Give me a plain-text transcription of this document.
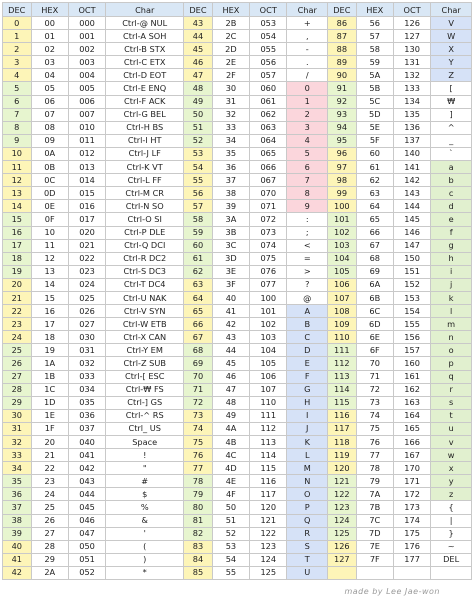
DEC	HEX	OCT	Char	DEC	HEX	OCT	Char	DEC	HEX	OCT	Char
0	00	000	Ctrl-@ NUL	43	2B	053	+	86	56	126	V
1	01	001	Ctrl-A SOH	44	2C	054	,	87	57	127	W
2	02	002	Ctrl-B STX	45	2D	055	-	88	58	130	X
3	03	003	Ctrl-C ETX	46	2E	056	.	89	59	131	Y
4	04	004	Ctrl-D EOT	47	2F	057	/	90	5A	132	Z
5	05	005	Ctrl-E ENQ	48	30	060	0	91	5B	133	[
6	06	006	Ctrl-F ACK	49	31	061	1	92	5C	134	₩
7	07	007	Ctrl-G BEL	50	32	062	2	93	5D	135	]
8	08	010	Ctrl-H BS	51	33	063	3	94	5E	136	^
9	09	011	Ctrl-I HT	52	34	064	4	95	5F	137	_
10	0A	012	Ctrl-J LF	53	35	065	5	96	60	140	`
11	0B	013	Ctrl-K VT	54	36	066	6	97	61	141	a
12	0C	014	Ctrl-L FF	55	37	067	7	98	62	142	b
13	0D	015	Ctrl-M CR	56	38	070	8	99	63	143	c
14	0E	016	Ctrl-N SO	57	39	071	9	100	64	144	d
15	0F	017	Ctrl-O SI	58	3A	072	:	101	65	145	e
16	10	020	Ctrl-P DLE	59	3B	073	;	102	66	146	f
17	11	021	Ctrl-Q DCI	60	3C	074	<	103	67	147	g
18	12	022	Ctrl-R DC2	61	3D	075	=	104	68	150	h
19	13	023	Ctrl-S DC3	62	3E	076	>	105	69	151	i
20	14	024	Ctrl-T DC4	63	3F	077	?	106	6A	152	j
21	15	025	Ctrl-U NAK	64	40	100	@	107	6B	153	k
22	16	026	Ctrl-V SYN	65	41	101	A	108	6C	154	l
23	17	027	Ctrl-W ETB	66	42	102	B	109	6D	155	m
24	18	030	Ctrl-X CAN	67	43	103	C	110	6E	156	n
25	19	031	Ctrl-Y EM	68	44	104	D	111	6F	157	o
26	1A	032	Ctrl-Z SUB	69	45	105	E	112	70	160	p
27	1B	033	Ctrl-[ ESC	70	46	106	F	113	71	161	q
28	1C	034	Ctrl-₩ FS	71	47	107	G	114	72	162	r
29	1D	035	Ctrl-] GS	72	48	110	H	115	73	163	s
30	1E	036	Ctrl-^ RS	73	49	111	I	116	74	164	t
31	1F	037	Ctrl_ US	74	4A	112	J	117	75	165	u
32	20	040	Space	75	4B	113	K	118	76	166	v
33	21	041	!	76	4C	114	L	119	77	167	w
34	22	042	"	77	4D	115	M	120	78	170	x
35	23	043	#	78	4E	116	N	121	79	171	y
36	24	044	$	79	4F	117	O	122	7A	172	z
37	25	045	%	80	50	120	P	123	7B	173	{
38	26	046	&	81	51	121	Q	124	7C	174	|
39	27	047	'	82	52	122	R	125	7D	175	}
40	28	050	(	83	53	123	S	126	7E	176	~
41	29	051	)	84	54	124	T	127	7F	177	DEL
42	2A	052	*	85	55	125	U				
made by Lee Jae-won
